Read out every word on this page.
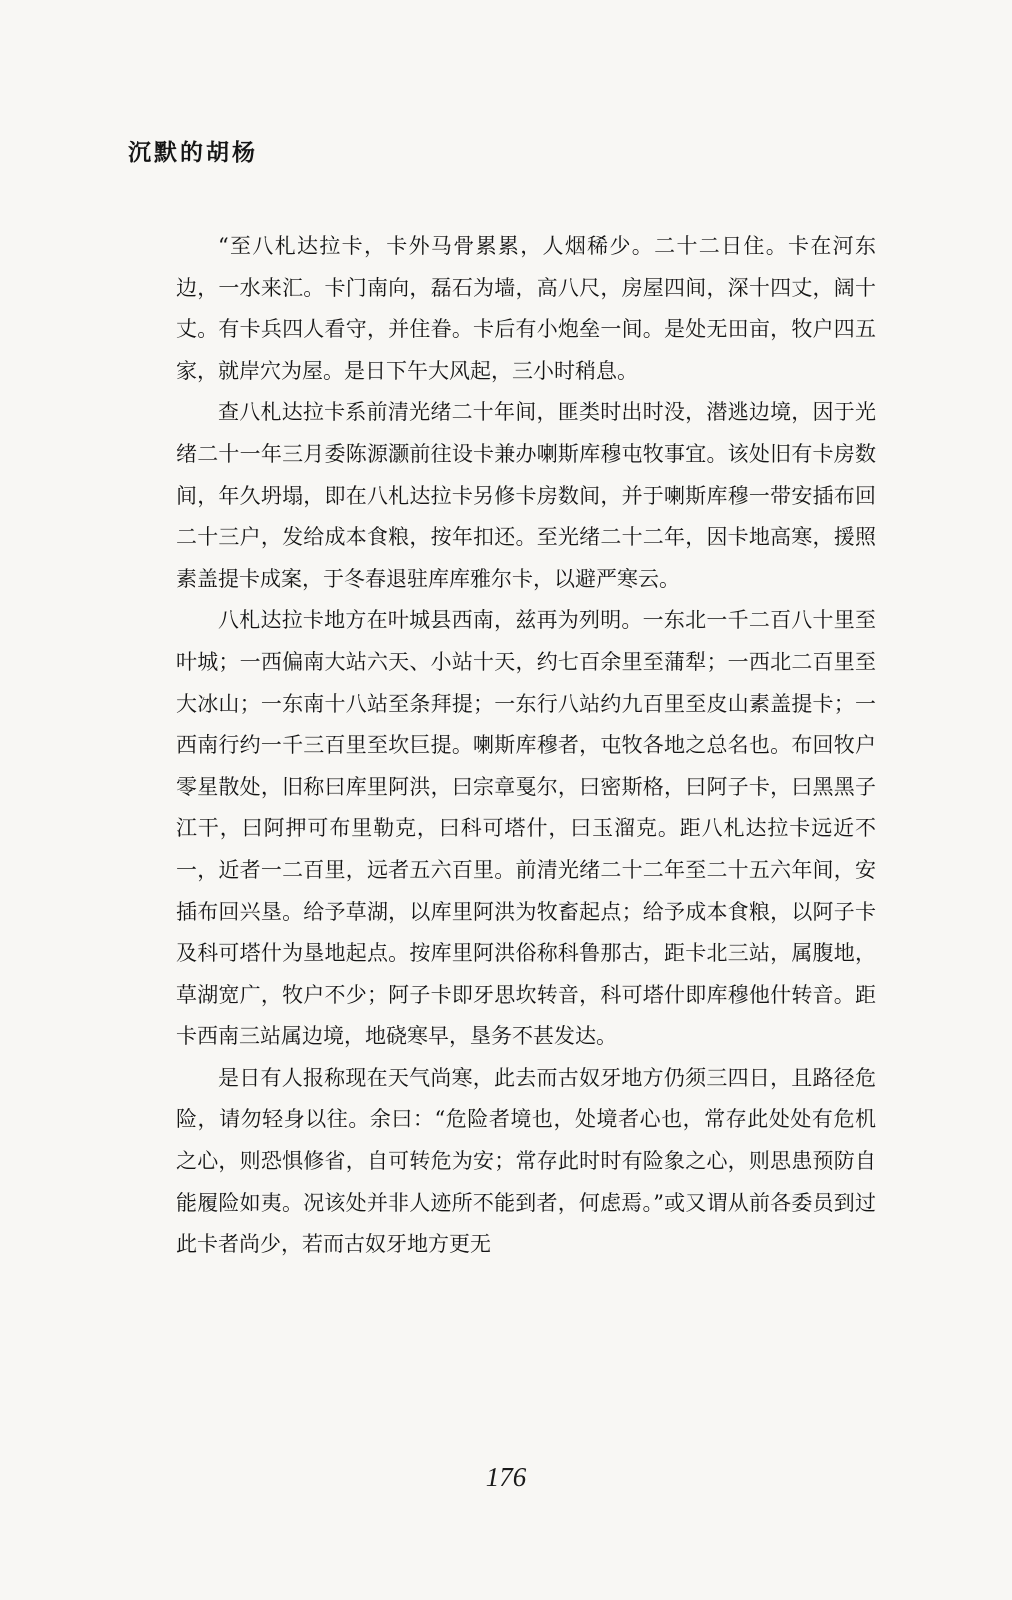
沉默的胡杨

“至八札达拉卡，卡外马骨累累，人烟稀少。二十二日住。卡在河东边，一水来汇。卡门南向，磊石为墙，高八尺，房屋四间，深十四丈，阔十丈。有卡兵四人看守，并住眷。卡后有小炮垒一间。是处无田亩，牧户四五家，就岸穴为屋。是日下午大风起，三小时稍息。

查八札达拉卡系前清光绪二十年间，匪类时出时没，潜逃边境，因于光绪二十一年三月委陈源灏前往设卡兼办喇斯库穆屯牧事宜。该处旧有卡房数间，年久坍塌，即在八札达拉卡另修卡房数间，并于喇斯库穆一带安插布回二十三户，发给成本食粮，按年扣还。至光绪二十二年，因卡地高寒，援照素盖提卡成案，于冬春退驻库库雅尔卡，以避严寒云。

八札达拉卡地方在叶城县西南，兹再为列明。一东北一千二百八十里至叶城；一西偏南大站六天、小站十天，约七百余里至蒲犁；一西北二百里至大冰山；一东南十八站至条拜提；一东行八站约九百里至皮山素盖提卡；一西南行约一千三百里至坎巨提。喇斯库穆者，屯牧各地之总名也。布回牧户零星散处，旧称曰库里阿洪，曰宗章戛尔，曰密斯格，曰阿子卡，曰黑黑子江干，曰阿押可布里勒克，曰科可塔什，曰玉溜克。距八札达拉卡远近不一，近者一二百里，远者五六百里。前清光绪二十二年至二十五六年间，安插布回兴垦。给予草湖，以库里阿洪为牧畜起点；给予成本食粮，以阿子卡及科可塔什为垦地起点。按库里阿洪俗称科鲁那古，距卡北三站，属腹地，草湖宽广，牧户不少；阿子卡即牙思坎转音，科可塔什即库穆他什转音。距卡西南三站属边境，地硗寒早，垦务不甚发达。

是日有人报称现在天气尚寒，此去而古奴牙地方仍须三四日，且路径危险，请勿轻身以往。余曰：“危险者境也，处境者心也，常存此处处有危机之心，则恐惧修省，自可转危为安；常存此时时有险象之心，则思患预防自能履险如夷。况该处并非人迹所不能到者，何虑焉。”或又谓从前各委员到过此卡者尚少，若而古奴牙地方更无

176
